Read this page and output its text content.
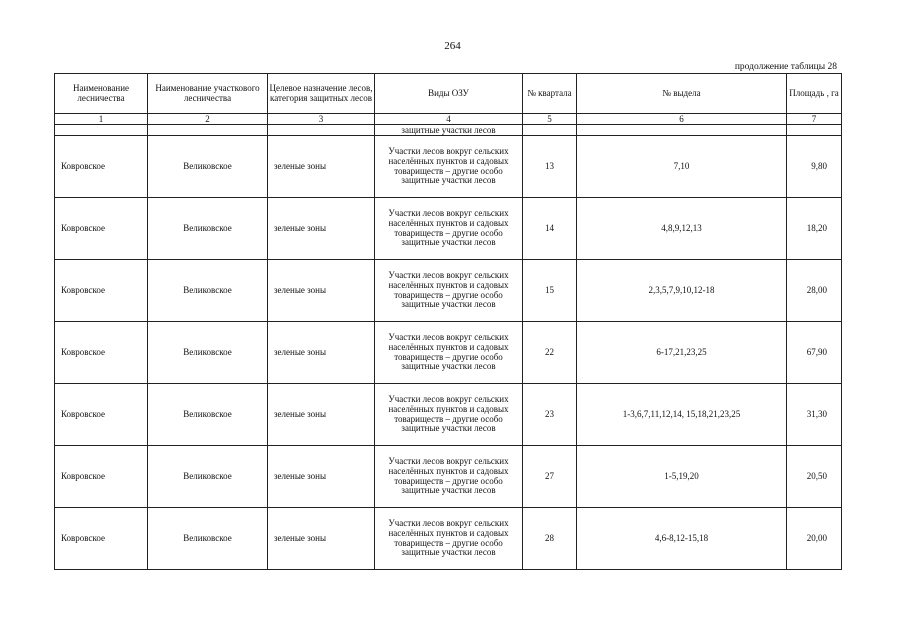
264
продолжение таблицы 28
Наименование лесничества	Наименование участкового лесничества	Целевое назначение лесов, категория защитных лесов	Виды ОЗУ	№ квартала	№ выдела	Площадь , га
1	2	3	4	5	6	7
			защитные участки лесов			
Ковровское	Великовское	зеленые зоны	Участки лесов вокруг сельских населённых пунктов и садовых товариществ – другие особо защитные участки лесов	13	7,10	9,80
Ковровское	Великовское	зеленые зоны	Участки лесов вокруг сельских населённых пунктов и садовых товариществ – другие особо защитные участки лесов	14	4,8,9,12,13	18,20
Ковровское	Великовское	зеленые зоны	Участки лесов вокруг сельских населённых пунктов и садовых товариществ – другие особо защитные участки лесов	15	2,3,5,7,9,10,12-18	28,00
Ковровское	Великовское	зеленые зоны	Участки лесов вокруг сельских населённых пунктов и садовых товариществ – другие особо защитные участки лесов	22	6-17,21,23,25	67,90
Ковровское	Великовское	зеленые зоны	Участки лесов вокруг сельских населённых пунктов и садовых товариществ – другие особо защитные участки лесов	23	1-3,6,7,11,12,14, 15,18,21,23,25	31,30
Ковровское	Великовское	зеленые зоны	Участки лесов вокруг сельских населённых пунктов и садовых товариществ – другие особо защитные участки лесов	27	1-5,19,20	20,50
Ковровское	Великовское	зеленые зоны	Участки лесов вокруг сельских населённых пунктов и садовых товариществ – другие особо защитные участки лесов	28	4,6-8,12-15,18	20,00
